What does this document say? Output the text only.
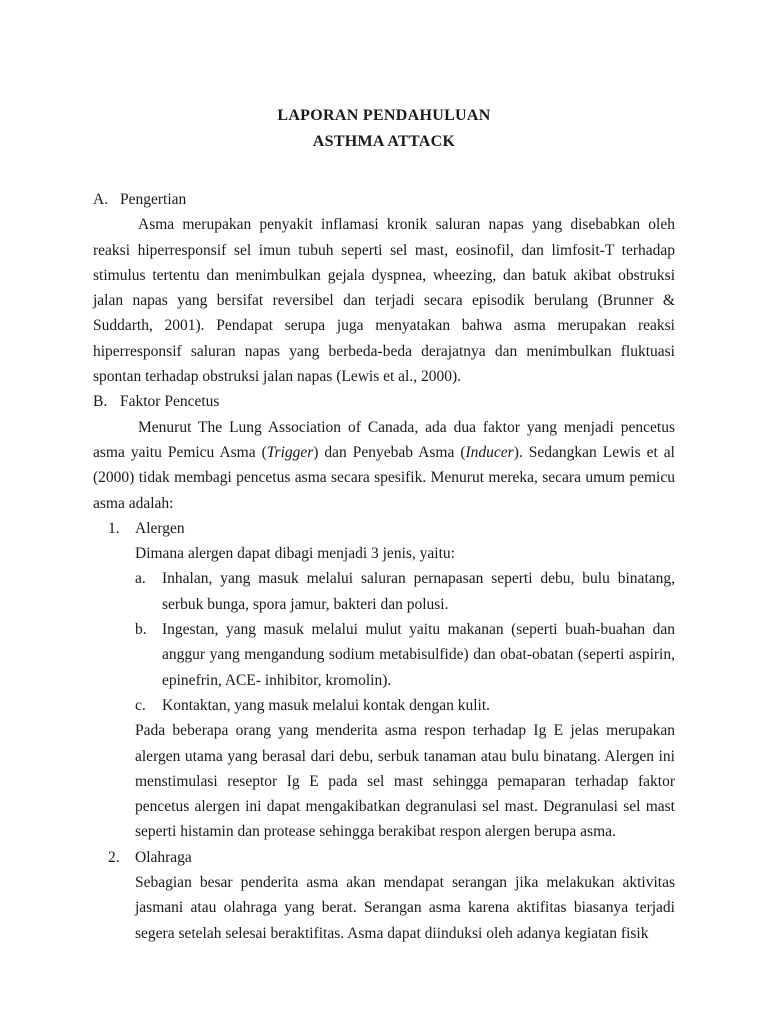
LAPORAN PENDAHULUAN
ASTHMA ATTACK
A. Pengertian

Asma merupakan penyakit inflamasi kronik saluran napas yang disebabkan oleh reaksi hiperresponsif sel imun tubuh seperti sel mast, eosinofil, dan limfosit-T terhadap stimulus tertentu dan menimbulkan gejala dyspnea, wheezing, dan batuk akibat obstruksi jalan napas yang bersifat reversibel dan terjadi secara episodik berulang (Brunner & Suddarth, 2001). Pendapat serupa juga menyatakan bahwa asma merupakan reaksi hiperresponsif saluran napas yang berbeda-beda derajatnya dan menimbulkan fluktuasi spontan terhadap obstruksi jalan napas (Lewis et al., 2000).

B. Faktor Pencetus

Menurut The Lung Association of Canada, ada dua faktor yang menjadi pencetus asma yaitu Pemicu Asma (Trigger) dan Penyebab Asma (Inducer). Sedangkan Lewis et al (2000) tidak membagi pencetus asma secara spesifik. Menurut mereka, secara umum pemicu asma adalah:

1. Alergen
Dimana alergen dapat dibagi menjadi 3 jenis, yaitu:
a.	Inhalan, yang masuk melalui saluran pernapasan seperti debu, bulu binatang, serbuk bunga, spora jamur, bakteri dan polusi.
b. Ingestan, yang masuk melalui mulut yaitu makanan (seperti buah-buahan dan anggur yang mengandung sodium metabisulfide) dan obat-obatan (seperti aspirin, epinefrin, ACE- inhibitor, kromolin).
c.	Kontaktan, yang masuk melalui kontak dengan kulit.

Pada beberapa orang yang menderita asma respon terhadap Ig E jelas merupakan alergen utama yang berasal dari debu, serbuk tanaman atau bulu binatang. Alergen ini menstimulasi reseptor Ig E pada sel mast sehingga pemaparan terhadap faktor pencetus alergen ini dapat mengakibatkan degranulasi sel mast. Degranulasi sel mast seperti histamin dan protease sehingga berakibat respon alergen berupa asma.

2. Olahraga

Sebagian besar penderita asma akan mendapat serangan jika melakukan aktivitas jasmani atau olahraga yang berat. Serangan asma karena aktifitas biasanya terjadi segera setelah selesai beraktifitas. Asma dapat diinduksi oleh adanya kegiatan fisik
